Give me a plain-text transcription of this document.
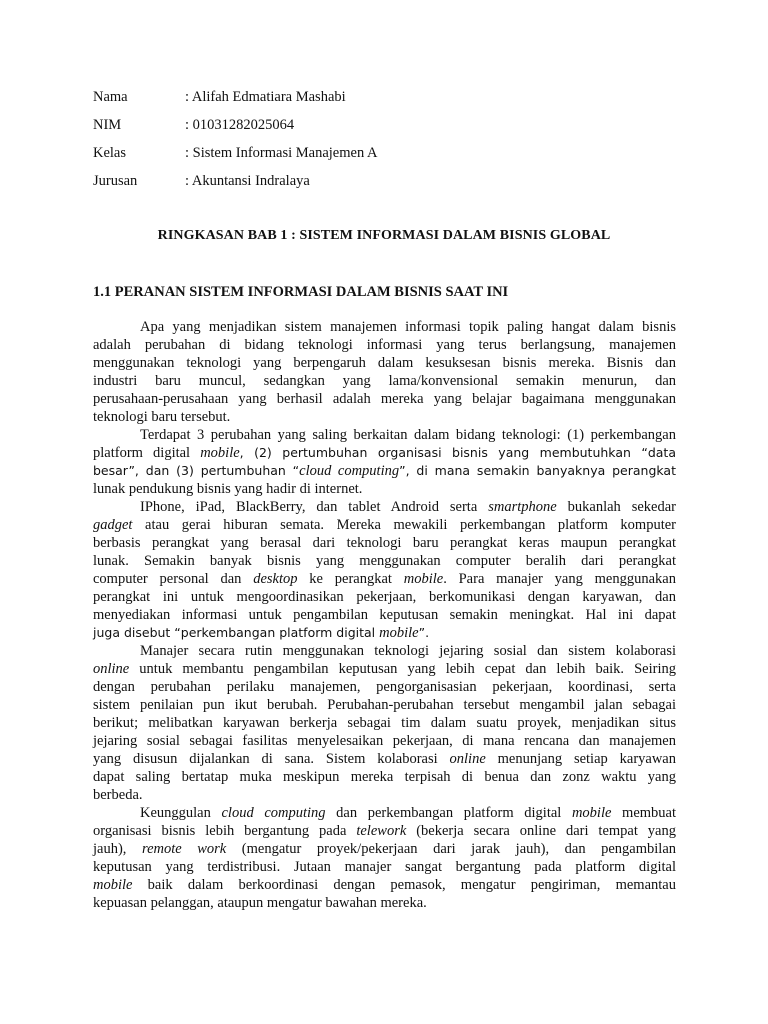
Nama	: Alifah Edmatiara Mashabi
NIM	: 01031282025064
Kelas	: Sistem Informasi Manajemen A
Jurusan	: Akuntansi Indralaya
RINGKASAN BAB 1 : SISTEM INFORMASI DALAM BISNIS GLOBAL
1.1 PERANAN SISTEM INFORMASI DALAM BISNIS SAAT INI
Apa yang menjadikan sistem manajemen informasi topik paling hangat dalam bisnis
adalah perubahan di bidang teknologi informasi yang terus berlangsung, manajemen
menggunakan teknologi yang berpengaruh dalam kesuksesan bisnis mereka. Bisnis dan
industri baru muncul, sedangkan yang lama/konvensional semakin menurun, dan
perusahaan-perusahaan yang berhasil adalah mereka yang belajar bagaimana menggunakan
teknologi baru tersebut.
Terdapat 3 perubahan yang saling berkaitan dalam bidang teknologi: (1) perkembangan
platform digital mobile, (2) pertumbuhan organisasi bisnis yang membutuhkan “data
besar”, dan (3) pertumbuhan “cloud computing”, di mana semakin banyaknya perangkat
lunak pendukung bisnis yang hadir di internet.
IPhone, iPad, BlackBerry, dan tablet Android serta smartphone bukanlah sekedar
gadget atau gerai hiburan semata. Mereka mewakili perkembangan platform komputer
berbasis perangkat yang berasal dari teknologi baru perangkat keras maupun perangkat
lunak. Semakin banyak bisnis yang menggunakan computer beralih dari perangkat
computer personal dan desktop ke perangkat mobile. Para manajer yang menggunakan
perangkat ini untuk mengoordinasikan pekerjaan, berkomunikasi dengan karyawan, dan
menyediakan informasi untuk pengambilan keputusan semakin meningkat. Hal ini dapat
juga disebut “perkembangan platform digital mobile”.
Manajer secara rutin menggunakan teknologi jejaring sosial dan sistem kolaborasi
online untuk membantu pengambilan keputusan yang lebih cepat dan lebih baik. Seiring
dengan perubahan perilaku manajemen, pengorganisasian pekerjaan, koordinasi, serta
sistem penilaian pun ikut berubah. Perubahan-perubahan tersebut mengambil jalan sebagai
berikut; melibatkan karyawan berkerja sebagai tim dalam suatu proyek, menjadikan situs
jejaring sosial sebagai fasilitas menyelesaikan pekerjaan, di mana rencana dan manajemen
yang disusun dijalankan di sana. Sistem kolaborasi online menunjang setiap karyawan
dapat saling bertatap muka meskipun mereka terpisah di benua dan zonz waktu yang
berbeda.
Keunggulan cloud computing dan perkembangan platform digital mobile membuat
organisasi bisnis lebih bergantung pada telework (bekerja secara online dari tempat yang
jauh), remote work (mengatur proyek/pekerjaan dari jarak jauh), dan pengambilan
keputusan yang terdistribusi. Jutaan manajer sangat bergantung pada platform digital
mobile baik dalam berkoordinasi dengan pemasok, mengatur pengiriman, memantau
kepuasan pelanggan, ataupun mengatur bawahan mereka.
